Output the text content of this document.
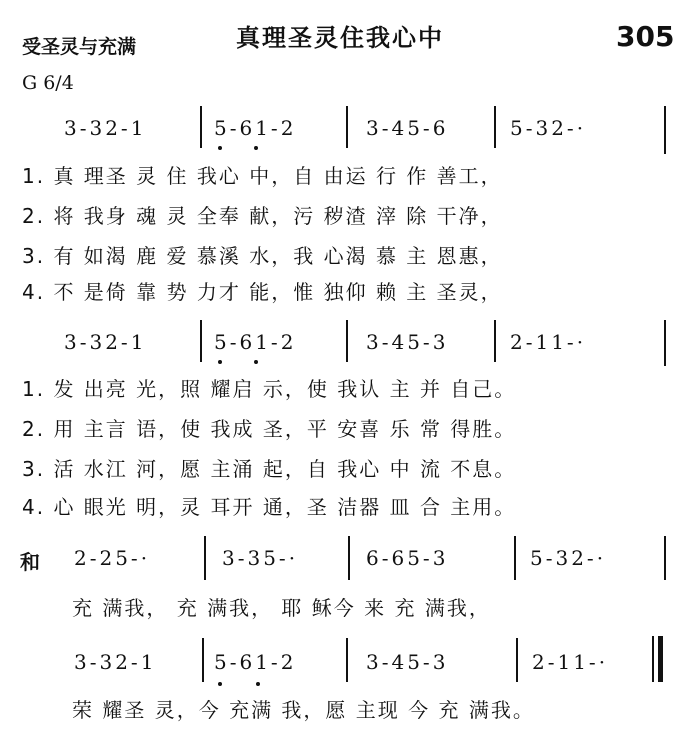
受圣灵与充满	真理圣灵住我心中	305
G 6/4
3-32-1	5-61-2	3-45-6	5-32-·
1. 真 理圣 灵 住 我心 中，自 由运 行 作 善工，
2. 将 我身 魂 灵 全奉 献，污 秽渣 滓 除 干净，
3. 有 如渴 鹿 爱 慕溪 水，我 心渴 慕 主 恩惠，
4. 不 是倚 靠 势 力才 能，惟 独仰 赖 主 圣灵，
3-32-1	5-61-2	3-45-3	2-11-·
1. 发 出亮 光，照 耀启 示，使 我认 主 并 自己。
2. 用 主言 语，使 我成 圣，平 安喜 乐 常 得胜。
3. 活 水江 河，愿 主涌 起，自 我心 中 流 不息。
4. 心 眼光 明，灵 耳开 通，圣 洁器 皿 合 主用。
和 2-25-·	3-35-·	6-65-3	5-32-·
充 满我， 充 满我， 耶 稣今 来 充 满我，
3-32-1	5-61-2	3-45-3	2-11-·
荣 耀圣 灵，今 充满 我，愿 主现 今 充 满我。
